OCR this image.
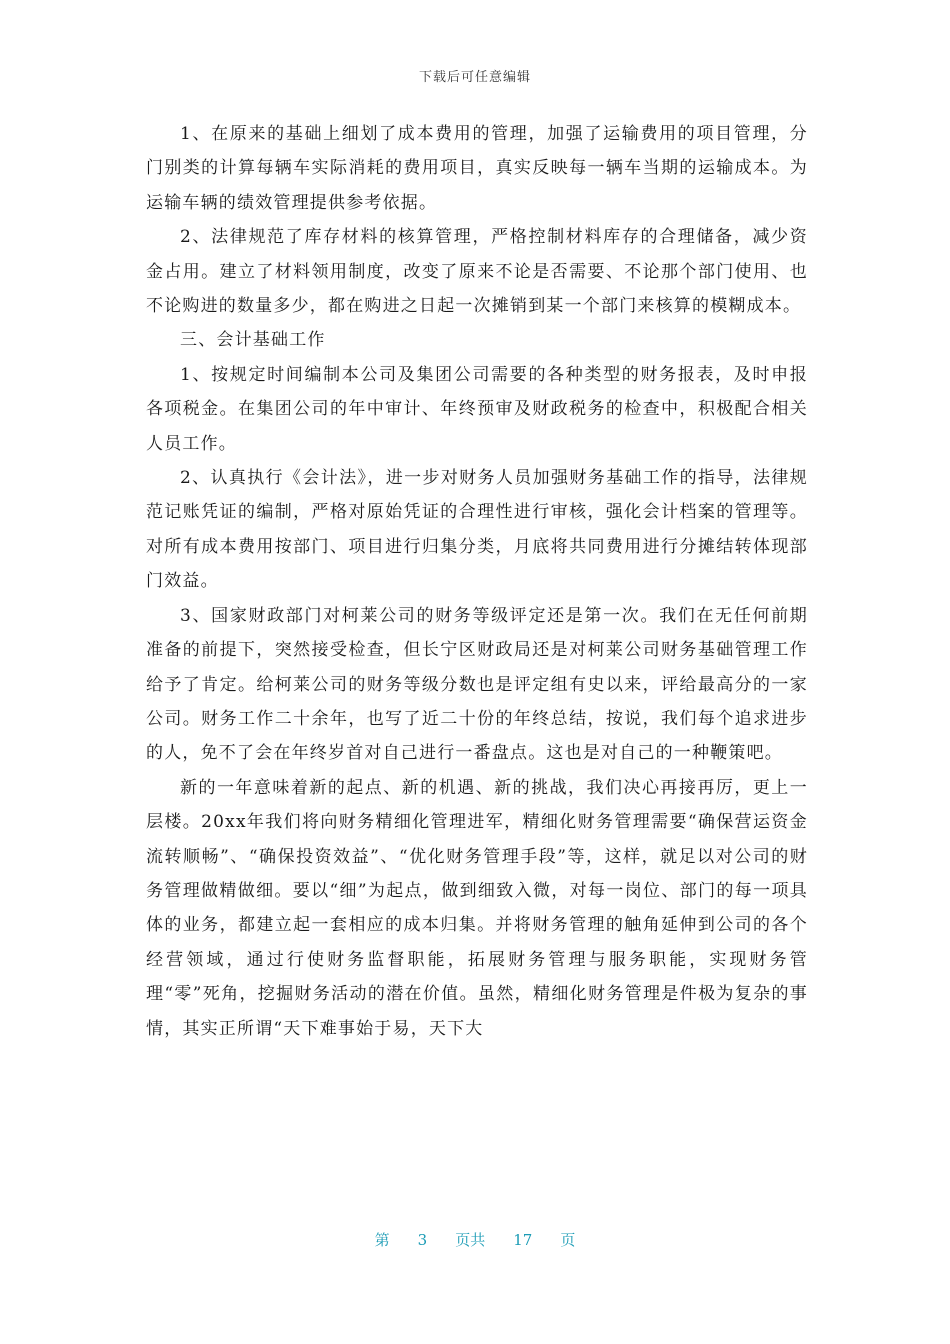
下载后可任意编辑

1、在原来的基础上细划了成本费用的管理，加强了运输费用的项目管理，分门别类的计算每辆车实际消耗的费用项目，真实反映每一辆车当期的运输成本。为运输车辆的绩效管理提供参考依据。

2、法律规范了库存材料的核算管理，严格控制材料库存的合理储备，减少资金占用。建立了材料领用制度，改变了原来不论是否需要、不论那个部门使用、也不论购进的数量多少，都在购进之日起一次摊销到某一个部门来核算的模糊成本。

三、会计基础工作

1、按规定时间编制本公司及集团公司需要的各种类型的财务报表，及时申报各项税金。在集团公司的年中审计、年终预审及财政税务的检查中，积极配合相关人员工作。

2、认真执行《会计法》，进一步对财务人员加强财务基础工作的指导，法律规范记账凭证的编制，严格对原始凭证的合理性进行审核，强化会计档案的管理等。对所有成本费用按部门、项目进行归集分类，月底将共同费用进行分摊结转体现部门效益。

3、国家财政部门对柯莱公司的财务等级评定还是第一次。我们在无任何前期准备的前提下，突然接受检查，但长宁区财政局还是对柯莱公司财务基础管理工作给予了肯定。给柯莱公司的财务等级分数也是评定组有史以来，评给最高分的一家公司。财务工作二十余年，也写了近二十份的年终总结，按说，我们每个追求进步的人，免不了会在年终岁首对自己进行一番盘点。这也是对自己的一种鞭策吧。

新的一年意味着新的起点、新的机遇、新的挑战，我们决心再接再厉，更上一层楼。20xx年我们将向财务精细化管理进军，精细化财务管理需要“确保营运资金流转顺畅”、“确保投资效益”、“优化财务管理手段”等，这样，就足以对公司的财务管理做精做细。要以“细”为起点，做到细致入微，对每一岗位、部门的每一项具体的业务，都建立起一套相应的成本归集。并将财务管理的触角延伸到公司的各个经营领域，通过行使财务监督职能，拓展财务管理与服务职能，实现财务管理“零”死角，挖掘财务活动的潜在价值。虽然，精细化财务管理是件极为复杂的事情，其实正所谓“天下难事始于易，天下大

第 3 页共 17 页
